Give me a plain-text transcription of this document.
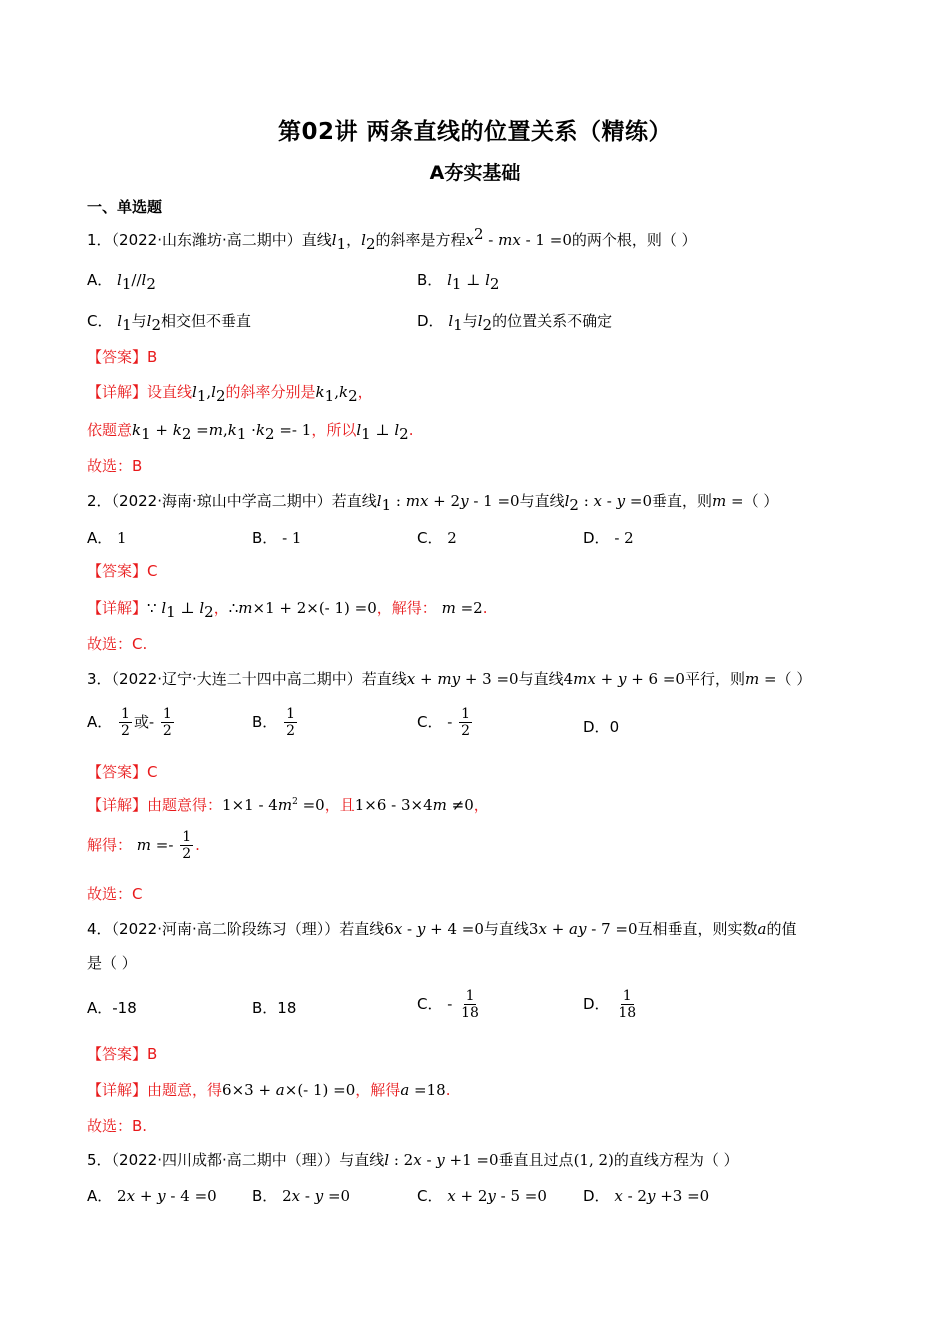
第02讲 两条直线的位置关系（精练）
A夯实基础
一、单选题
1．（2022·山东潍坊·高二期中）直线$l_1$，$l_2$的斜率是方程$x^2$ - mx - 1 =0的两个根，则（ ）
A． $l_1//l_2$	B． $l_1$ ⊥ $l_2$
C． $l_1$与$l_2$相交但不垂直	D． $l_1$与$l_2$的位置关系不确定
【答案】B
【详解】设直线$l_1,l_2$的斜率分别是$k_1,k_2$，
依题意$k_1 + k_2 =m,k_1 \cdot k_2 =- 1$，所以$l_1$ ⊥ $l_2$.
故选：B
2．（2022·海南·琼山中学高二期中）若直线$l_1$ : mx + 2y - 1 =0与直线$l_2$ : x - y =0垂直，则m =（ ）
A． 1	B． - 1	C． 2	D． - 2
【答案】C
【详解】∵ $l_1$ ⊥ $l_2$，∴m×1 + 2×(- 1) =0，解得： m =2.
故选：C.
3．（2022·辽宁·大连二十四中高二期中）若直线x + my + 3 =0与直线4mx + y + 6 =0平行，则m =（ ）
A． $\frac{1}{2}$ 或- $\frac{1}{2}$	B． $\frac{1}{2}$	C． - $\frac{1}{2}$	D．0
【答案】C
【详解】由题意得：$1\times 1 - 4m^2 =0$，且1×6 - 3×4m ≠0，
解得： $m =- \frac{1}{2}$ .
故选：C
4．（2022·河南·高二阶段练习（理））若直线6x - y + 4 =0与直线3x + ay - 7 =0互相垂直，则实数a的值
是（ ）
A．-18	B．18	C． - $\frac{1}{18}$	D． $\frac{1}{18}$
【答案】B
【详解】由题意，得6×3 + a×(- 1) =0，解得a =18.
故选：B.
5．（2022·四川成都·高二期中（理））与直线l : 2x - y +1 =0垂直且过点(1, 2)的直线方程为（ ）
A． 2x + y - 4 =0 B． 2x - y =0	C． x + 2y - 5 =0 D． x - 2y +3 =0
